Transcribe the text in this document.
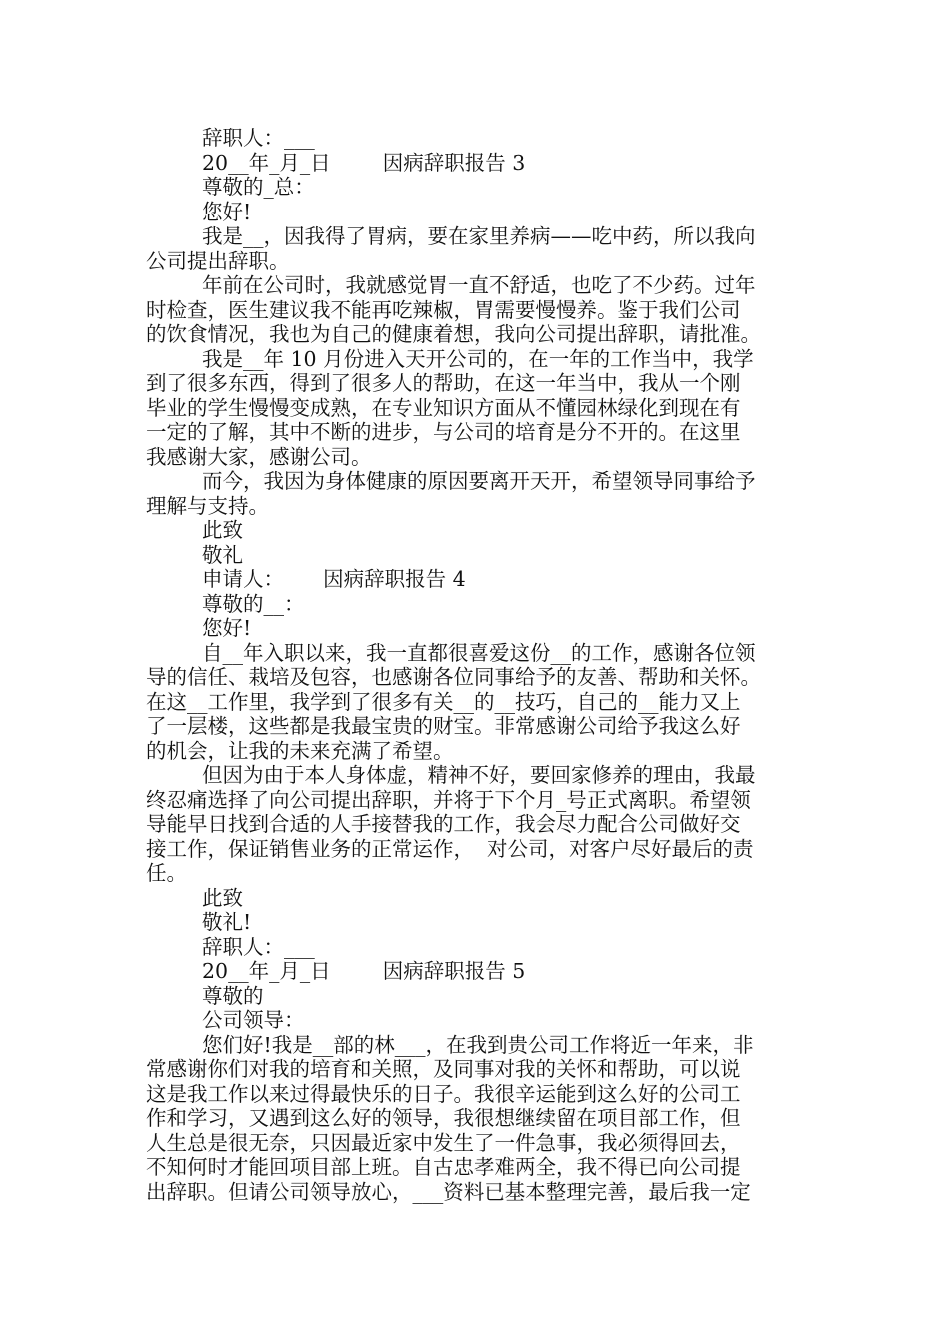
辞职人：___
20__年_月_日        因病辞职报告 3
尊敬的_总：
您好!
我是__，因我得了胃病，要在家里养病——吃中药，所以我向
公司提出辞职。
年前在公司时，我就感觉胃一直不舒适，也吃了不少药。过年
时检查，医生建议我不能再吃辣椒，胃需要慢慢养。鉴于我们公司
的饮食情况，我也为自己的健康着想，我向公司提出辞职，请批准。
我是__年 10 月份进入天开公司的，在一年的工作当中，我学
到了很多东西，得到了很多人的帮助，在这一年当中，我从一个刚
毕业的学生慢慢变成熟，在专业知识方面从不懂园林绿化到现在有
一定的了解，其中不断的进步，与公司的培育是分不开的。在这里
我感谢大家，感谢公司。
而今，我因为身体健康的原因要离开天开，希望领导同事给予
理解与支持。
此致
敬礼
申请人：      因病辞职报告 4
尊敬的__：
您好!
自__年入职以来，我一直都很喜爱这份__的工作，感谢各位领
导的信任、栽培及包容，也感谢各位同事给予的友善、帮助和关怀。
在这__工作里，我学到了很多有关__的__技巧，自己的__能力又上
了一层楼，这些都是我最宝贵的财宝。非常感谢公司给予我这么好
的机会，让我的未来充满了希望。
但因为由于本人身体虚，精神不好，要回家修养的理由，我最
终忍痛选择了向公司提出辞职，并将于下个月_号正式离职。希望领
导能早日找到合适的人手接替我的工作，我会尽力配合公司做好交
接工作，保证销售业务的正常运作，  对公司，对客户尽好最后的责
任。
此致
敬礼!
辞职人：___
20__年_月_日        因病辞职报告 5
尊敬的
公司领导：
您们好!我是__部的林___，在我到贵公司工作将近一年来，非
常感谢你们对我的培育和关照，及同事对我的关怀和帮助，可以说
这是我工作以来过得最快乐的日子。我很辛运能到这么好的公司工
作和学习，又遇到这么好的领导，我很想继续留在项目部工作，但
人生总是很无奈，只因最近家中发生了一件急事，我必须得回去，
不知何时才能回项目部上班。自古忠孝难两全，我不得已向公司提
出辞职。但请公司领导放心，___资料已基本整理完善，最后我一定
